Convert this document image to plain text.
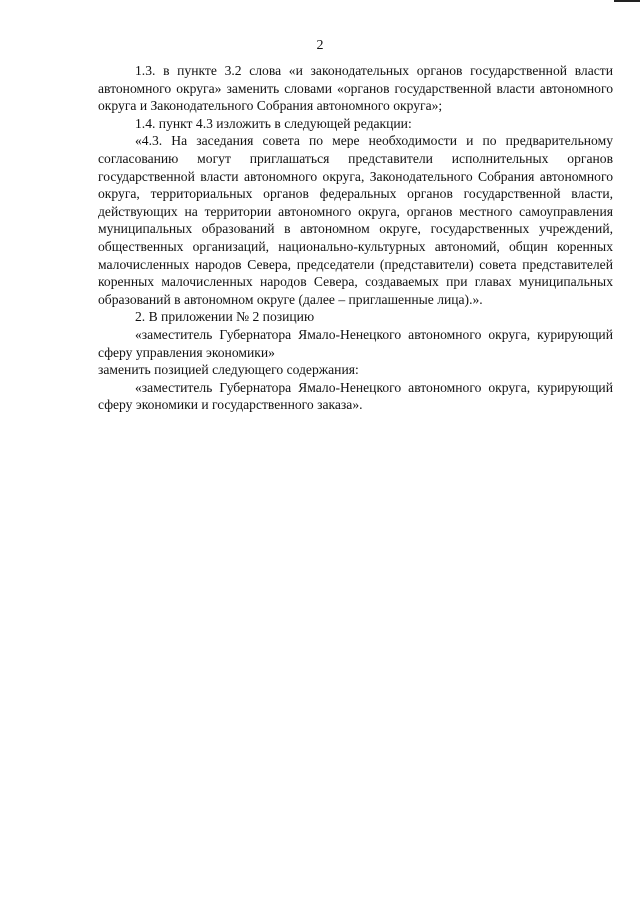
2

1.3. в пункте 3.2 слова «и законодательных органов государственной власти автономного округа» заменить словами «органов государственной власти автономного округа и Законодательного Собрания автономного округа»;

1.4. пункт 4.3 изложить в следующей редакции:

«4.3. На заседания совета по мере необходимости и по предварительному согласованию могут приглашаться представители исполнительных органов государственной власти автономного округа, Законодательного Собрания автономного округа, территориальных органов федеральных органов государственной власти, действующих на территории автономного округа, органов местного самоуправления муниципальных образований в автономном округе, государственных учреждений, общественных организаций, национально-культурных автономий, общин коренных малочисленных народов Севера, председатели (представители) совета представителей коренных малочисленных народов Севера, создаваемых при главах муниципальных образований в автономном округе (далее – приглашенные лица).».

2. В приложении № 2 позицию

«заместитель Губернатора Ямало-Ненецкого автономного округа, курирующий сферу управления экономики»

заменить позицией следующего содержания:

«заместитель Губернатора Ямало-Ненецкого автономного округа, курирующий сферу экономики и государственного заказа».
